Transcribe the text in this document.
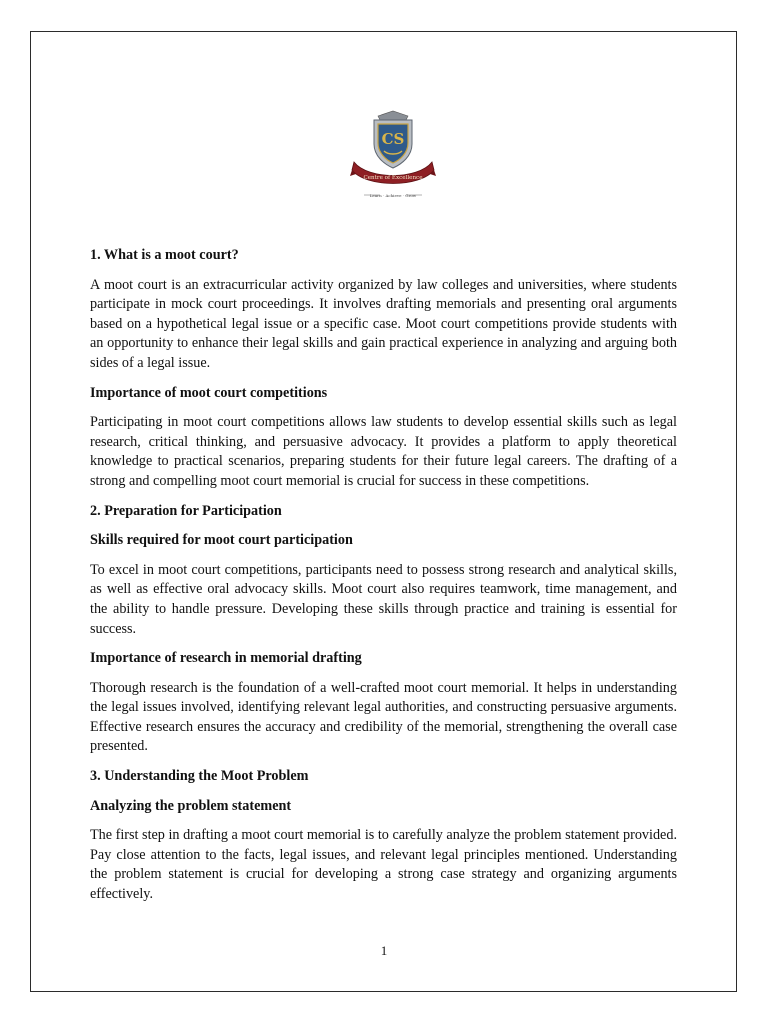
CS
Centre of Excellence
Learn · Achieve · Grow
1. What is a moot court?

A moot court is an extracurricular activity organized by law colleges and universities, where students participate in mock court proceedings. It involves drafting memorials and presenting oral arguments based on a hypothetical legal issue or a specific case. Moot court competitions provide students with an opportunity to enhance their legal skills and gain practical experience in analyzing and arguing both sides of a legal issue.

Importance of moot court competitions

Participating in moot court competitions allows law students to develop essential skills such as legal research, critical thinking, and persuasive advocacy. It provides a platform to apply theoretical knowledge to practical scenarios, preparing students for their future legal careers. The drafting of a strong and compelling moot court memorial is crucial for success in these competitions.

2. Preparation for Participation
Skills required for moot court participation

To excel in moot court competitions, participants need to possess strong research and analytical skills, as well as effective oral advocacy skills. Moot court also requires teamwork, time management, and the ability to handle pressure. Developing these skills through practice and training is essential for success.

Importance of research in memorial drafting

Thorough research is the foundation of a well-crafted moot court memorial. It helps in understanding the legal issues involved, identifying relevant legal authorities, and constructing persuasive arguments. Effective research ensures the accuracy and credibility of the memorial, strengthening the overall case presented.

3. Understanding the Moot Problem
Analyzing the problem statement

The first step in drafting a moot court memorial is to carefully analyze the problem statement provided. Pay close attention to the facts, legal issues, and relevant legal principles mentioned. Understanding the problem statement is crucial for developing a strong case strategy and organizing arguments effectively.

1
